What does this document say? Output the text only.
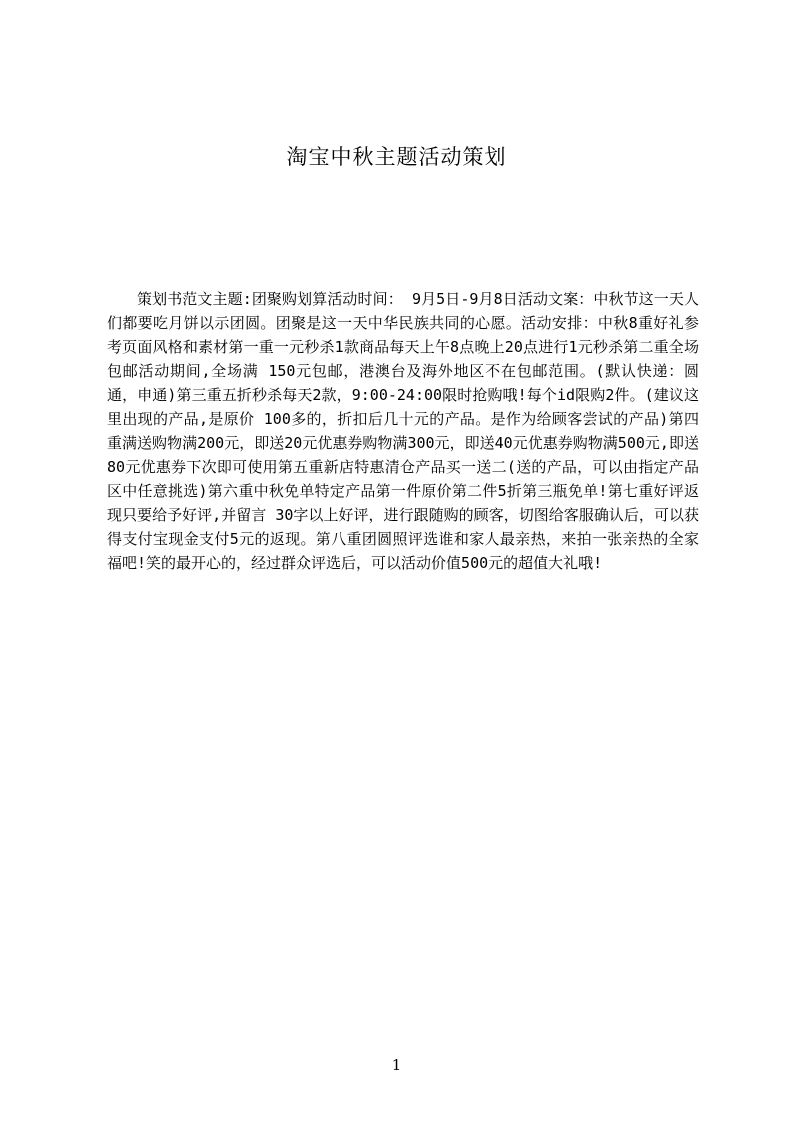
淘宝中秋主题活动策划

策划书范文主题:团聚购划算活动时间： 9月5日-9月8日活动文案：中秋节这一天人们都要吃月饼以示团圆。团聚是这一天中华民族共同的心愿。活动安排：中秋8重好礼参考页面风格和素材第一重一元秒杀1款商品每天上午8点晚上20点进行1元秒杀第二重全场包邮活动期间,全场满 150元包邮，港澳台及海外地区不在包邮范围。(默认快递：圆通，申通)第三重五折秒杀每天2款，9:00-24:00限时抢购哦!每个id限购2件。(建议这里出现的产品,是原价 100多的，折扣后几十元的产品。是作为给顾客尝试的产品)第四重满送购物满200元，即送20元优惠券购物满300元，即送40元优惠券购物满500元,即送 80元优惠券下次即可使用第五重新店特惠清仓产品买一送二(送的产品，可以由指定产品区中任意挑选)第六重中秋免单特定产品第一件原价第二件5折第三瓶免单!第七重好评返现只要给予好评,并留言 30字以上好评，进行跟随购的顾客，切图给客服确认后，可以获得支付宝现金支付5元的返现。第八重团圆照评选谁和家人最亲热，来拍一张亲热的全家福吧!笑的最开心的，经过群众评选后，可以活动价值500元的超值大礼哦!

1
